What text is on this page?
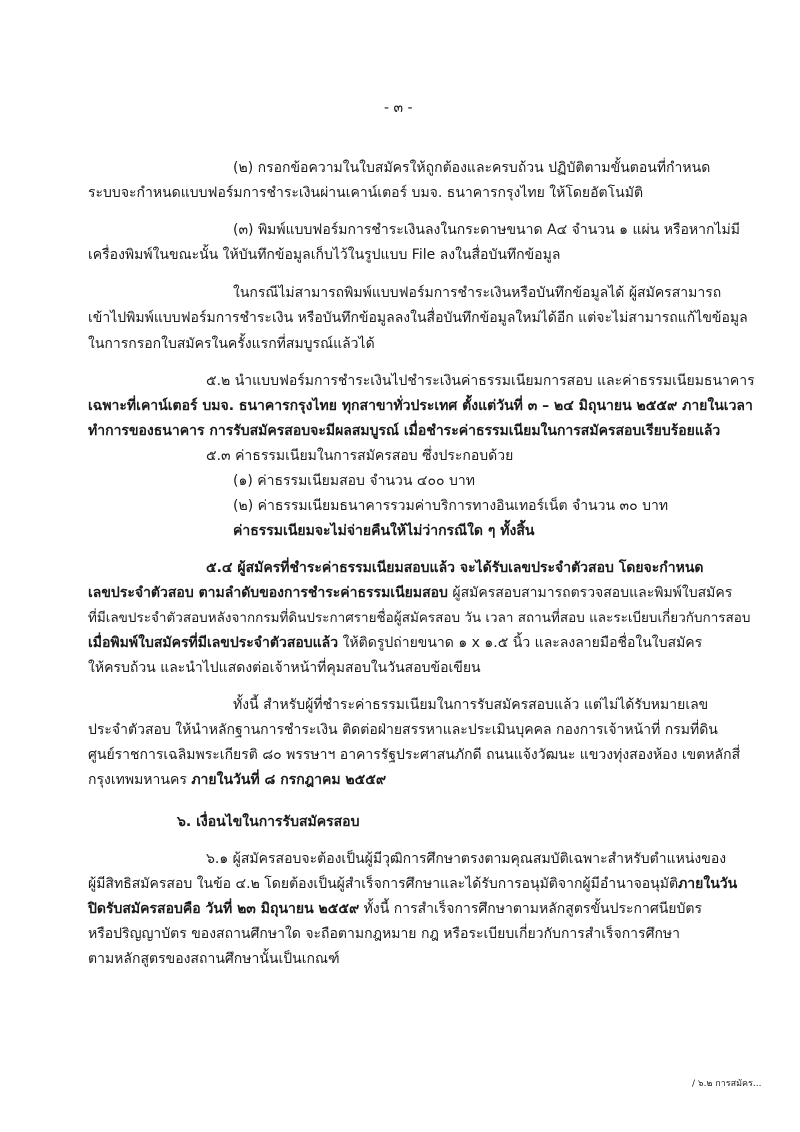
- ๓ -
(๒) กรอกข้อความในใบสมัครให้ถูกต้องและครบถ้วน ปฏิบัติตามขั้นตอนที่กำหนด
ระบบจะกำหนดแบบฟอร์มการชำระเงินผ่านเคาน์เตอร์ บมจ. ธนาคารกรุงไทย ให้โดยอัตโนมัติ
(๓) พิมพ์แบบฟอร์มการชำระเงินลงในกระดาษขนาด A๔ จำนวน ๑ แผ่น หรือหากไม่มี
เครื่องพิมพ์ในขณะนั้น ให้บันทึกข้อมูลเก็บไว้ในรูปแบบ File ลงในสื่อบันทึกข้อมูล
ในกรณีไม่สามารถพิมพ์แบบฟอร์มการชำระเงินหรือบันทึกข้อมูลได้ ผู้สมัครสามารถ
เข้าไปพิมพ์แบบฟอร์มการชำระเงิน หรือบันทึกข้อมูลลงในสื่อบันทึกข้อมูลใหม่ได้อีก แต่จะไม่สามารถแก้ไขข้อมูล
ในการกรอกใบสมัครในครั้งแรกที่สมบูรณ์แล้วได้
๕.๒ นำแบบฟอร์มการชำระเงินไปชำระเงินค่าธรรมเนียมการสอบ และค่าธรรมเนียมธนาคาร
เฉพาะที่เคาน์เตอร์ บมจ. ธนาคารกรุงไทย ทุกสาขาทั่วประเทศ ตั้งแต่วันที่ ๓ – ๒๔ มิถุนายน ๒๕๕๙ ภายในเวลา
ทำการของธนาคาร การรับสมัครสอบจะมีผลสมบูรณ์ เมื่อชำระค่าธรรมเนียมในการสมัครสอบเรียบร้อยแล้ว
๕.๓ ค่าธรรมเนียมในการสมัครสอบ ซึ่งประกอบด้วย
(๑) ค่าธรรมเนียมสอบ จำนวน ๔๐๐ บาท
(๒) ค่าธรรมเนียมธนาคารรวมค่าบริการทางอินเทอร์เน็ต จำนวน ๓๐ บาท
ค่าธรรมเนียมจะไม่จ่ายคืนให้ไม่ว่ากรณีใด ๆ ทั้งสิ้น
๕.๔ ผู้สมัครที่ชำระค่าธรรมเนียมสอบแล้ว จะได้รับเลขประจำตัวสอบ โดยจะกำหนด
เลขประจำตัวสอบ ตามลำดับของการชำระค่าธรรมเนียมสอบ ผู้สมัครสอบสามารถตรวจสอบและพิมพ์ใบสมัคร
ที่มีเลขประจำตัวสอบหลังจากกรมที่ดินประกาศรายชื่อผู้สมัครสอบ วัน เวลา สถานที่สอบ และระเบียบเกี่ยวกับการสอบ
เมื่อพิมพ์ใบสมัครที่มีเลขประจำตัวสอบแล้ว ให้ติดรูปถ่ายขนาด ๑ x ๑.๕ นิ้ว และลงลายมือชื่อในใบสมัคร
ให้ครบถ้วน และนำไปแสดงต่อเจ้าหน้าที่คุมสอบในวันสอบข้อเขียน
ทั้งนี้ สำหรับผู้ที่ชำระค่าธรรมเนียมในการรับสมัครสอบแล้ว แต่ไม่ได้รับหมายเลข
ประจำตัวสอบ ให้นำหลักฐานการชำระเงิน ติดต่อฝ่ายสรรหาและประเมินบุคคล กองการเจ้าหน้าที่ กรมที่ดิน
ศูนย์ราชการเฉลิมพระเกียรติ ๘๐ พรรษาฯ อาคารรัฐประศาสนภักดี ถนนแจ้งวัฒนะ แขวงทุ่งสองห้อง เขตหลักสี่
กรุงเทพมหานคร ภายในวันที่ ๘ กรกฎาคม ๒๕๕๙
๖. เงื่อนไขในการรับสมัครสอบ
๖.๑ ผู้สมัครสอบจะต้องเป็นผู้มีวุฒิการศึกษาตรงตามคุณสมบัติเฉพาะสำหรับตำแหน่งของ
ผู้มีสิทธิสมัครสอบ ในข้อ ๔.๒ โดยต้องเป็นผู้สำเร็จการศึกษาและได้รับการอนุมัติจากผู้มีอำนาจอนุมัติภายในวัน
ปิดรับสมัครสอบคือ วันที่ ๒๓ มิถุนายน ๒๕๕๙ ทั้งนี้ การสำเร็จการศึกษาตามหลักสูตรขั้นประกาศนียบัตร
หรือปริญญาบัตร ของสถานศึกษาใด จะถือตามกฎหมาย กฎ หรือระเบียบเกี่ยวกับการสำเร็จการศึกษา
ตามหลักสูตรของสถานศึกษานั้นเป็นเกณฑ์
/ ๖.๒ การสมัคร...
